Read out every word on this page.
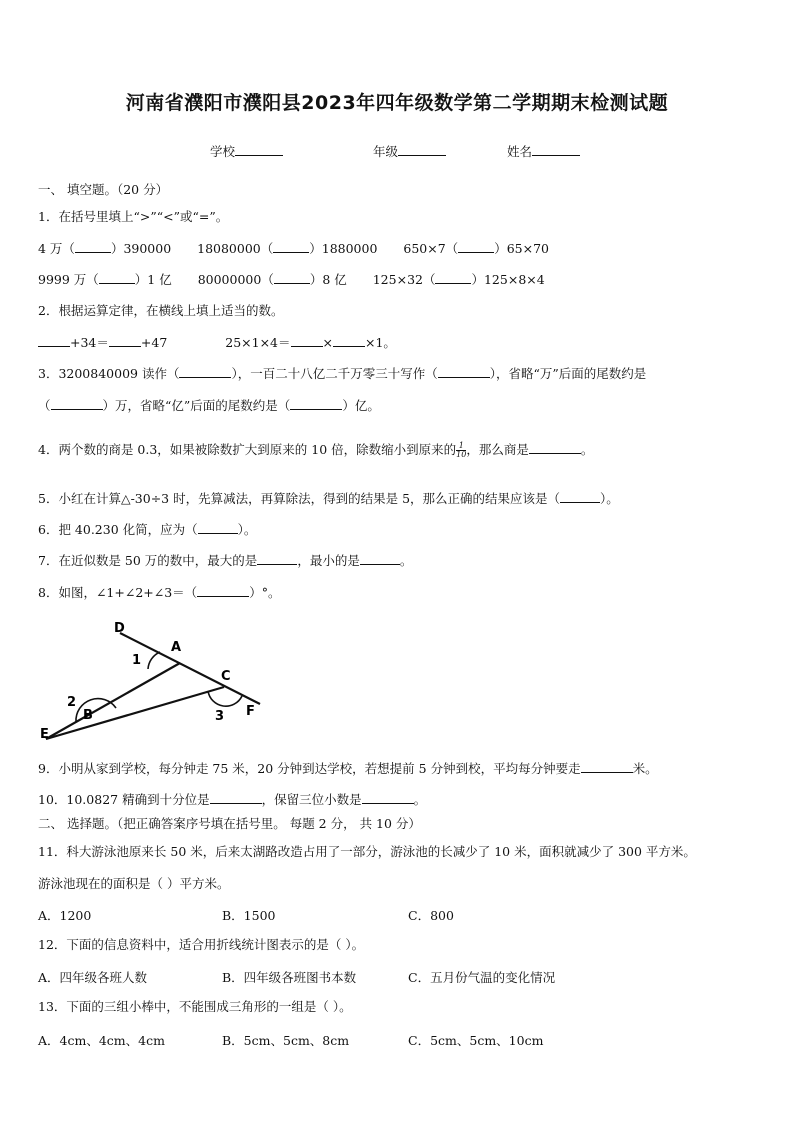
河南省濮阳市濮阳县2023年四年级数学第二学期期末检测试题
学校	年级	姓名
一、 填空题。（20 分）
1．在括号里填上“>”“<”或“=”。
4 万（	）390000 18080000（	）1880000 650×7（	）65×70
9999 万（	）1 亿 80000000（	）8 亿 125×32（	）125×8×4
2．根据运算定律，在横线上填上适当的数。
+34＝	+47	25×1×4＝	×	×1。
3．3200840009 读作（	），一百二十八亿二千万零三十写作（	），省略“万”后面的尾数约是
（	）万，省略“亿”后面的尾数约是（	）亿。
4．两个数的商是 0.3，如果被除数扩大到原来的 10 倍，除数缩小到原来的 $\frac{1}{10}$ ，那么商是	。
5．小红在计算△-30÷3 时，先算减法，再算除法，得到的结果是 5，那么正确的结果应该是（	）。
6．把 40.230 化简，应为（	）。
7．在近似数是 50 万的数中，最大的是	，最小的是	。
8．如图，∠1+∠2+∠3＝（	）°。
D
A
1
C
2
B	3 F
E
9．小明从家到学校，每分钟走 75 米，20 分钟到达学校，若想提前 5 分钟到校，平均每分钟要走	米。
10．10.0827 精确到十分位是	，保留三位小数是	。
二、 选择题。（把正确答案序号填在括号里。 每题 2 分， 共 10 分）
11．科大游泳池原来长 50 米，后来太湖路改造占用了一部分，游泳池的长减少了 10 米，面积就减少了 300 平方米。
游泳池现在的面积是（ ）平方米。
A．1200	B．1500	C．800
12．下面的信息资料中，适合用折线统计图表示的是（ ）。
A．四年级各班人数	B．四年级各班图书本数	C．五月份气温的变化情况
13．下面的三组小棒中，不能围成三角形的一组是（ ）。
A．4cm、4cm、4cm	B．5cm、5cm、8cm	C．5cm、5cm、10cm
